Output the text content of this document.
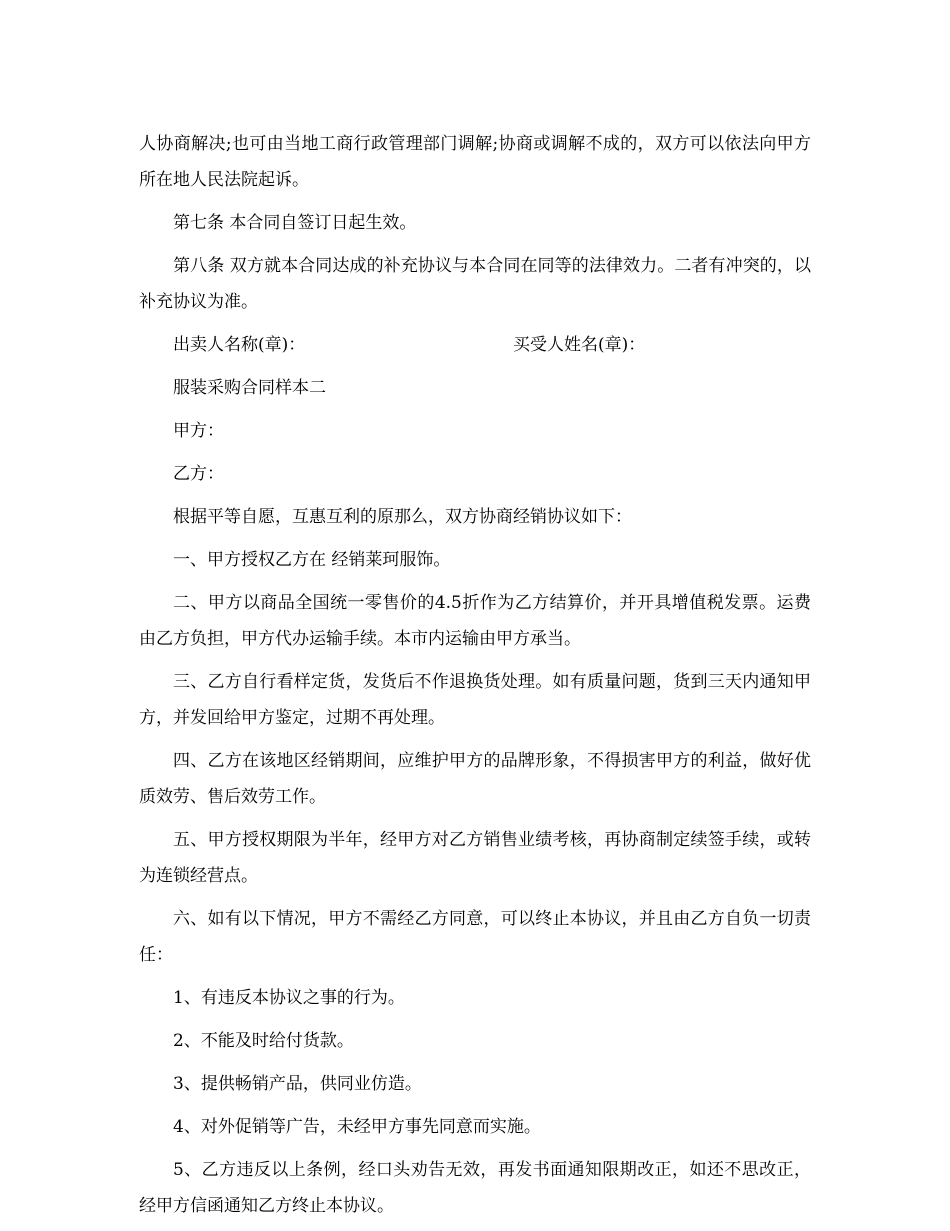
人协商解决;也可由当地工商行政管理部门调解;协商或调解不成的，双方可以依法向甲方所在地人民法院起诉。

第七条 本合同自签订日起生效。

第八条 双方就本合同达成的补充协议与本合同在同等的法律效力。二者有冲突的，以补充协议为准。

出卖人名称(章)：	买受人姓名(章)：

服装采购合同样本二

甲方：

乙方：

根据平等自愿，互惠互利的原那么，双方协商经销协议如下：

一、甲方授权乙方在 经销莱珂服饰。

二、甲方以商品全国统一零售价的4.5折作为乙方结算价，并开具增值税发票。运费由乙方负担，甲方代办运输手续。本市内运输由甲方承当。

三、乙方自行看样定货，发货后不作退换货处理。如有质量问题，货到三天内通知甲方，并发回给甲方鉴定，过期不再处理。

四、乙方在该地区经销期间，应维护甲方的品牌形象，不得损害甲方的利益，做好优质效劳、售后效劳工作。

五、甲方授权期限为半年，经甲方对乙方销售业绩考核，再协商制定续签手续，或转为连锁经营点。

六、如有以下情况，甲方不需经乙方同意，可以终止本协议，并且由乙方自负一切责任：

1、有违反本协议之事的行为。

2、不能及时给付货款。

3、提供畅销产品，供同业仿造。

4、对外促销等广告，未经甲方事先同意而实施。

5、乙方违反以上条例，经口头劝告无效，再发书面通知限期改正，如还不思改正，经甲方信函通知乙方终止本协议。
